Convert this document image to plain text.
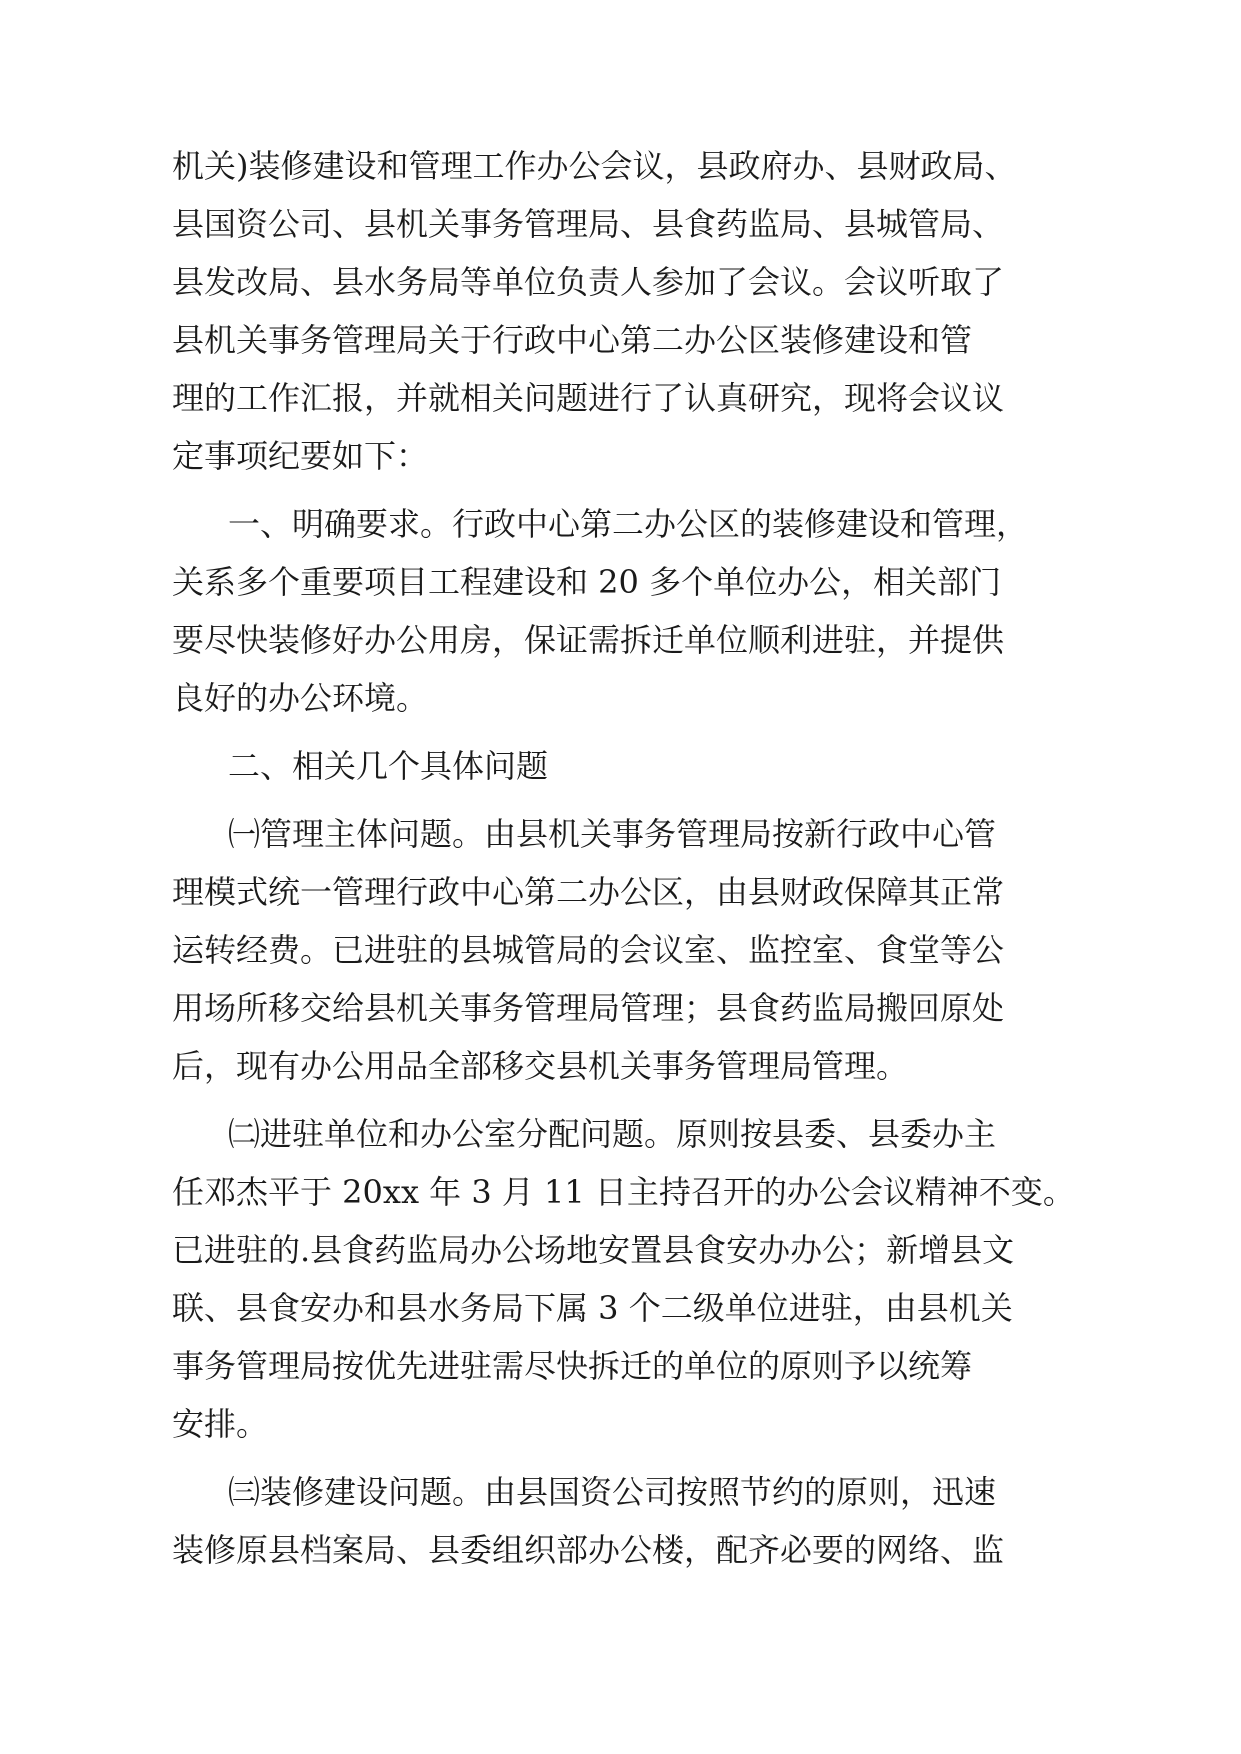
机关)装修建设和管理工作办公会议，县政府办、县财政局、
县国资公司、县机关事务管理局、县食药监局、县城管局、
县发改局、县水务局等单位负责人参加了会议。会议听取了
县机关事务管理局关于行政中心第二办公区装修建设和管
理的工作汇报，并就相关问题进行了认真研究，现将会议议
定事项纪要如下：
一、明确要求。行政中心第二办公区的装修建设和管理，
关系多个重要项目工程建设和 20 多个单位办公，相关部门
要尽快装修好办公用房，保证需拆迁单位顺利进驻，并提供
良好的办公环境。
二、相关几个具体问题
㈠管理主体问题。由县机关事务管理局按新行政中心管
理模式统一管理行政中心第二办公区，由县财政保障其正常
运转经费。已进驻的县城管局的会议室、监控室、食堂等公
用场所移交给县机关事务管理局管理；县食药监局搬回原处
后，现有办公用品全部移交县机关事务管理局管理。
㈡进驻单位和办公室分配问题。原则按县委、县委办主
任邓杰平于 20xx 年 3 月 11 日主持召开的办公会议精神不变。
已进驻的.县食药监局办公场地安置县食安办办公；新增县文
联、县食安办和县水务局下属 3 个二级单位进驻，由县机关
事务管理局按优先进驻需尽快拆迁的单位的原则予以统筹
安排。
㈢装修建设问题。由县国资公司按照节约的原则，迅速
装修原县档案局、县委组织部办公楼，配齐必要的网络、监
